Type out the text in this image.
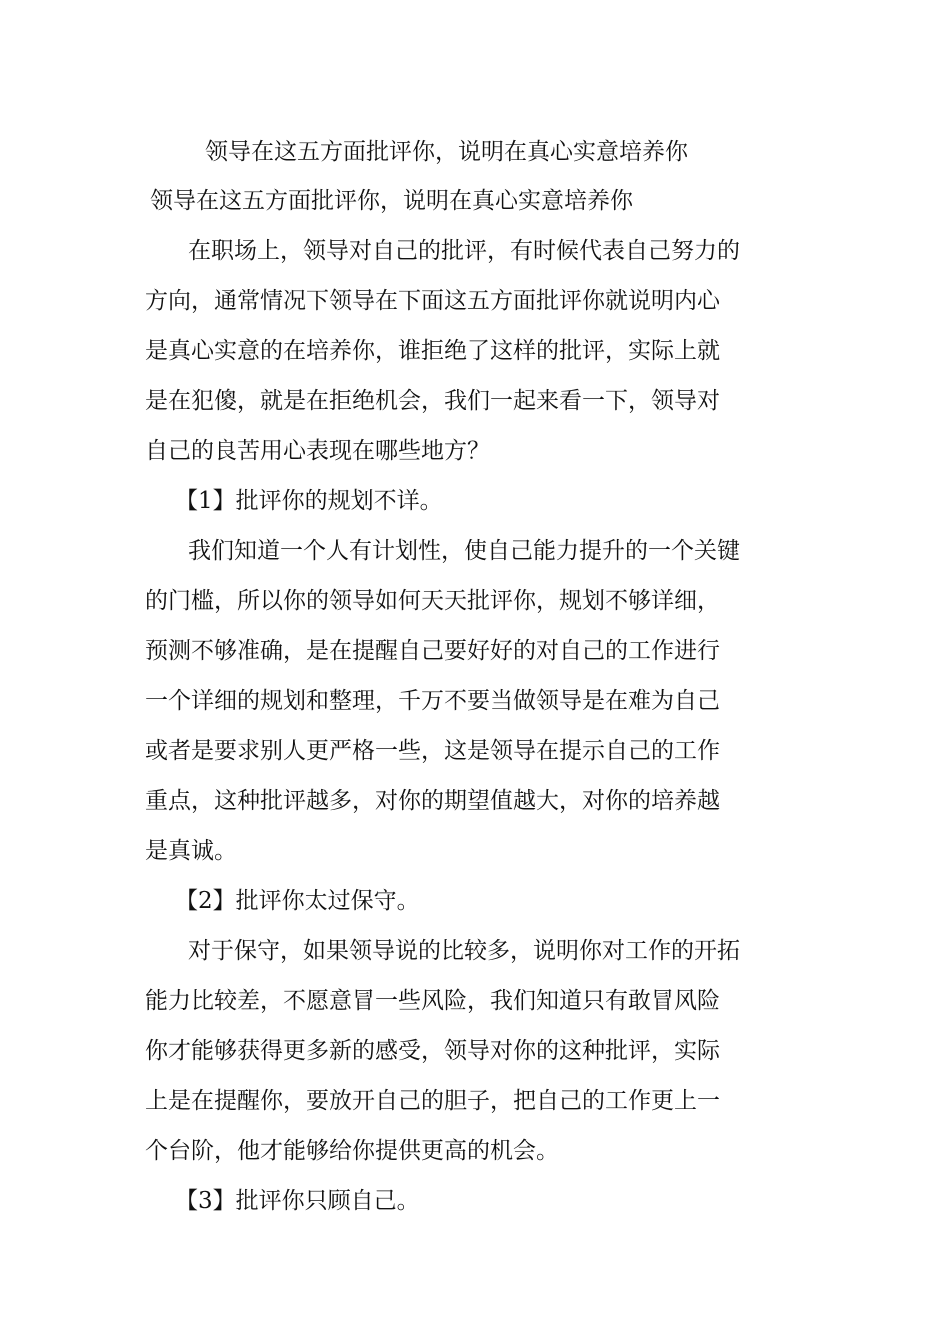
领导在这五方面批评你，说明在真心实意培养你
领导在这五方面批评你，说明在真心实意培养你
在职场上，领导对自己的批评，有时候代表自己努力的
方向，通常情况下领导在下面这五方面批评你就说明内心
是真心实意的在培养你，谁拒绝了这样的批评，实际上就
是在犯傻，就是在拒绝机会，我们一起来看一下，领导对
自己的良苦用心表现在哪些地方？
【1】批评你的规划不详。
我们知道一个人有计划性，使自己能力提升的一个关键
的门槛，所以你的领导如何天天批评你，规划不够详细，
预测不够准确，是在提醒自己要好好的对自己的工作进行
一个详细的规划和整理，千万不要当做领导是在难为自己
或者是要求别人更严格一些，这是领导在提示自己的工作
重点，这种批评越多，对你的期望值越大，对你的培养越
是真诚。
【2】批评你太过保守。
对于保守，如果领导说的比较多，说明你对工作的开拓
能力比较差，不愿意冒一些风险，我们知道只有敢冒风险
你才能够获得更多新的感受，领导对你的这种批评，实际
上是在提醒你，要放开自己的胆子，把自己的工作更上一
个台阶，他才能够给你提供更高的机会。
【3】批评你只顾自己。
